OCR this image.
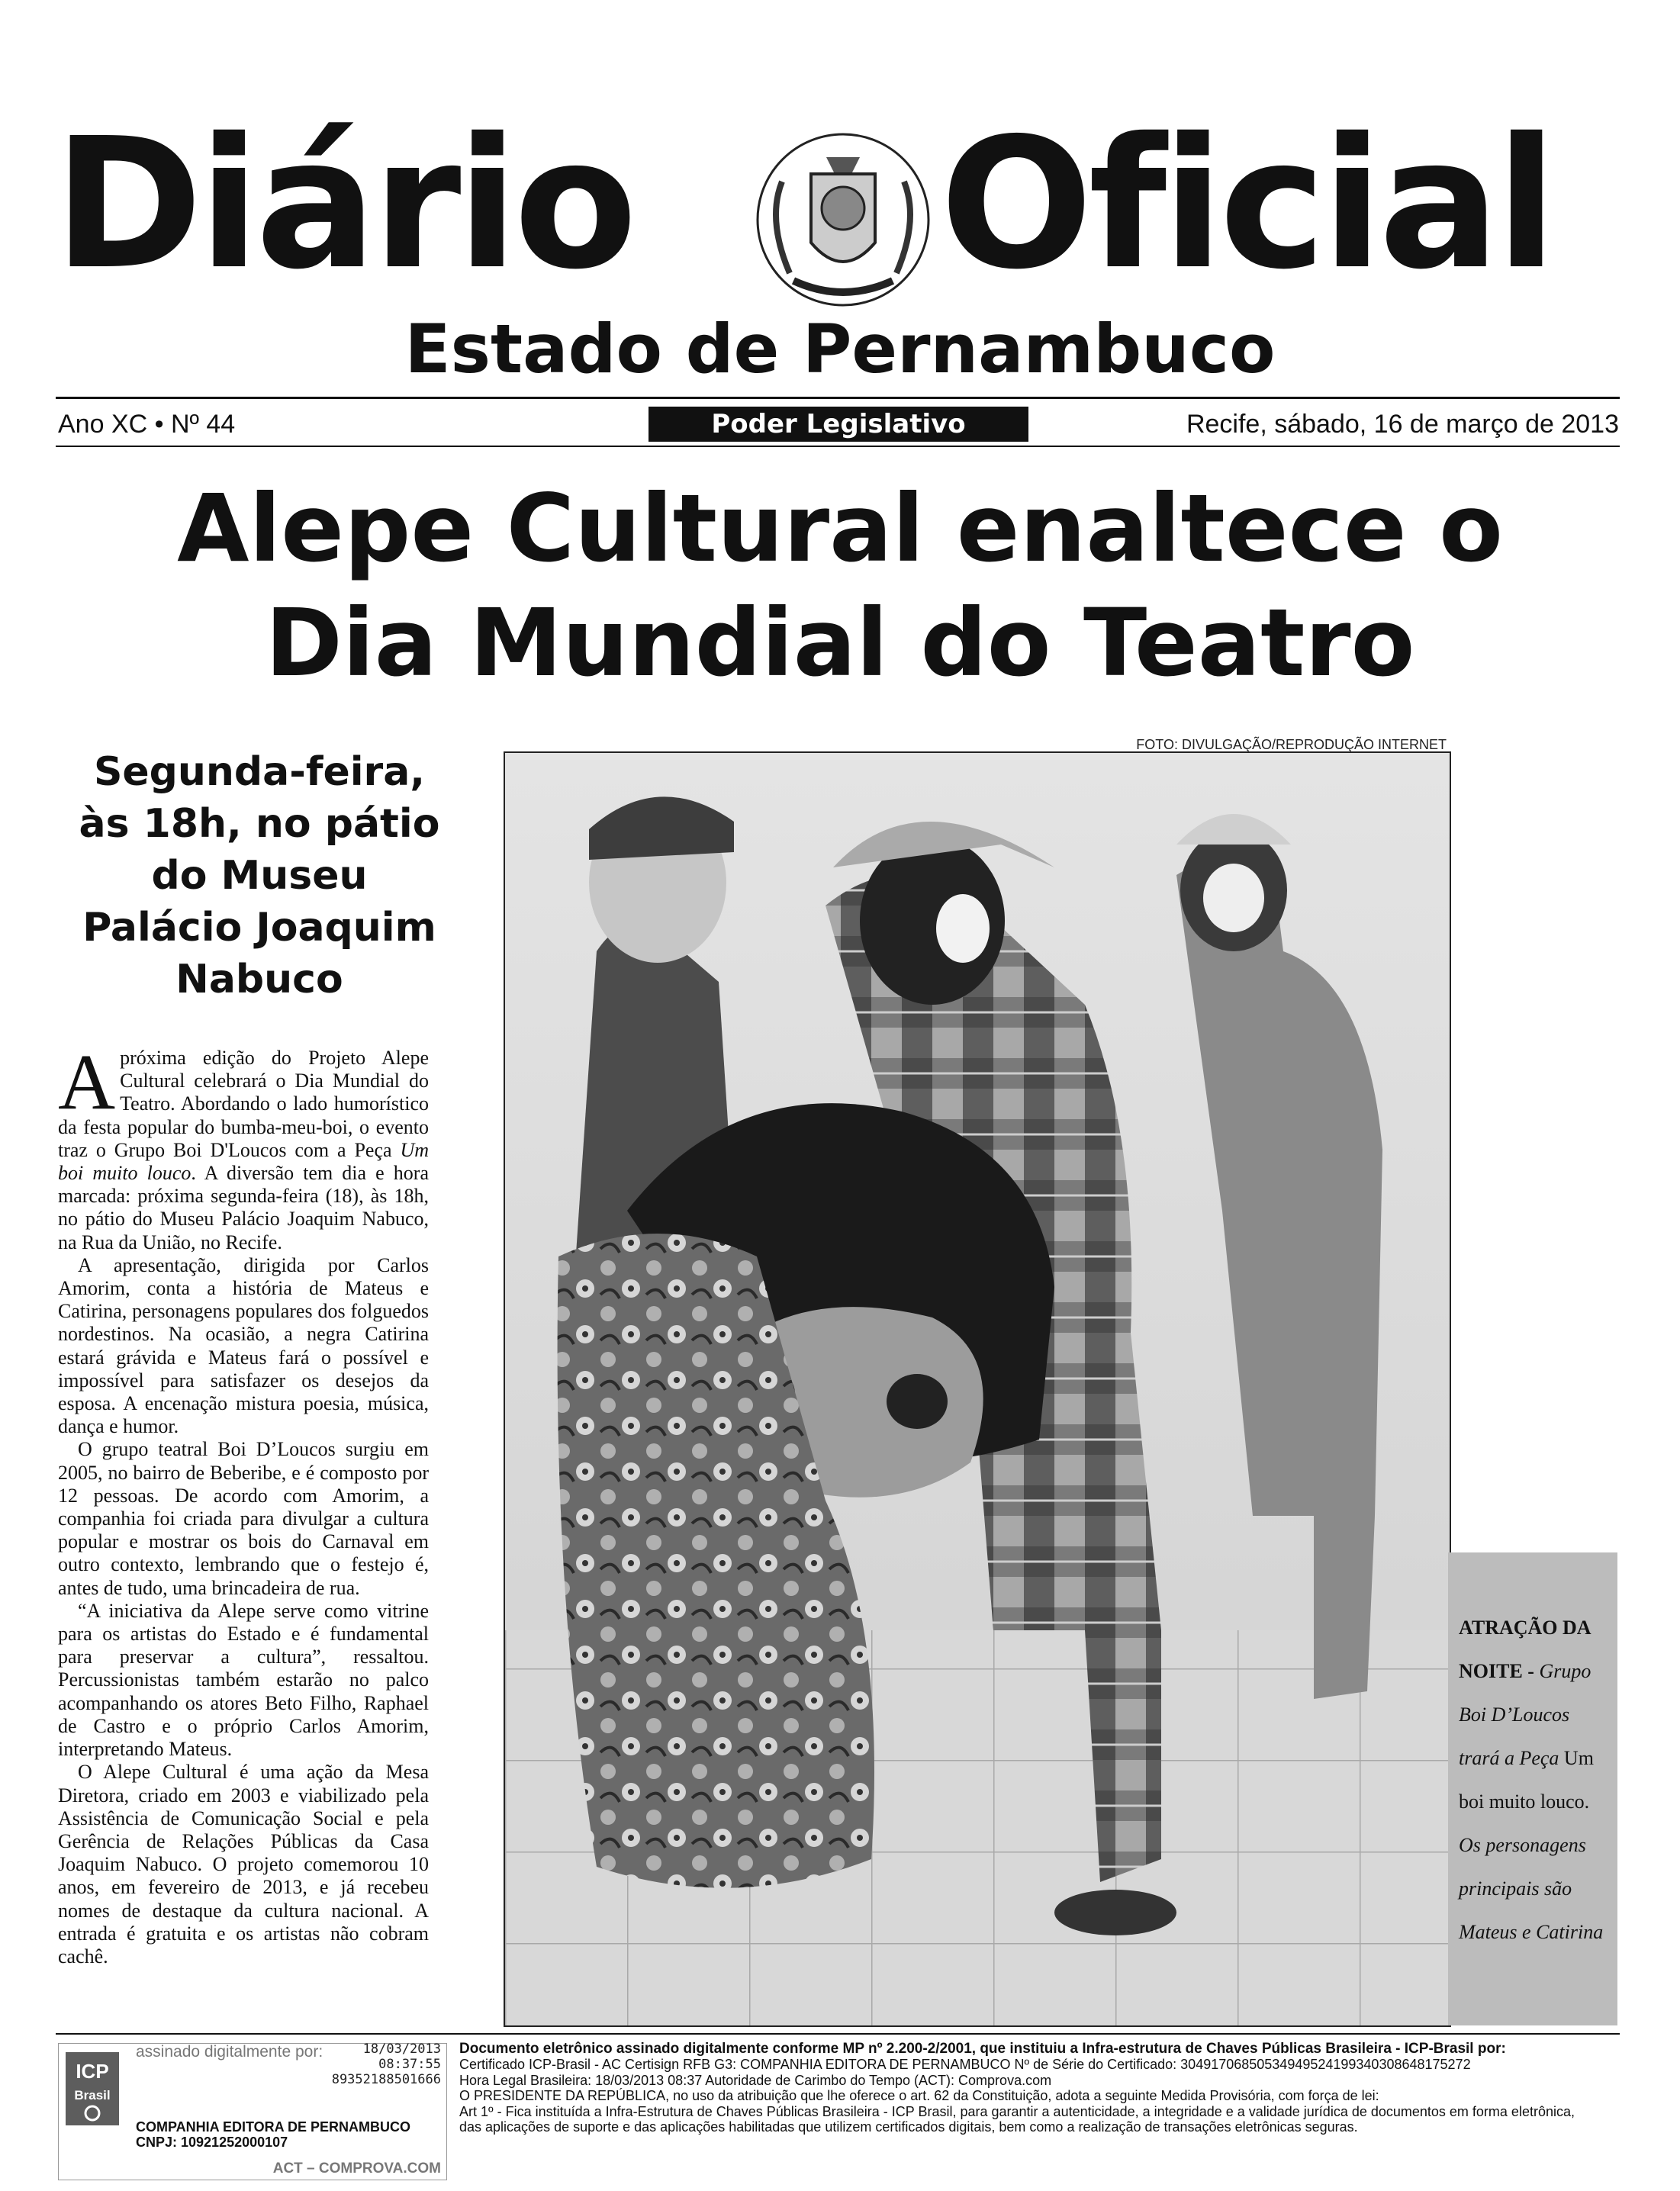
Diário Oficial
Estado de Pernambuco
Ano XC • Nº 44	Poder Legislativo	Recife, sábado, 16 de março de 2013
Alepe Cultural enaltece o
Dia Mundial do Teatro
Segunda-feira,
às 18h, no pátio
do Museu
Palácio Joaquim
Nabuco

A próxima edição do Projeto Alepe Cultural celebrará o Dia Mundial do Teatro. Abordando o lado humorístico da festa popular do bumba-meu-boi, o evento traz o Grupo Boi D'Loucos com a Peça Um boi muito louco. A diversão tem dia e hora marcada: próxima segunda-feira (18), às 18h, no pátio do Museu Palácio Joaquim Nabuco, na Rua da União, no Recife.

A apresentação, dirigida por Carlos Amorim, conta a história de Mateus e Catirina, personagens populares dos folguedos nordestinos. Na ocasião, a negra Catirina estará grávida e Mateus fará o possível e impossível para satisfazer os desejos da esposa. A encenação mistura poesia, música, dança e humor.

O grupo teatral Boi D’Loucos surgiu em 2005, no bairro de Beberibe, e é composto por 12 pessoas. De acordo com Amorim, a companhia foi criada para divulgar a cultura popular e mostrar os bois do Carnaval em outro contexto, lembrando que o festejo é, antes de tudo, uma brincadeira de rua.

“A iniciativa da Alepe serve como vitrine para os artistas do Estado e é fundamental para preservar a cultura”, ressaltou. Percussionistas também estarão no palco acompanhando os atores Beto Filho, Raphael de Castro e o próprio Carlos Amorim, interpretando Mateus.

O Alepe Cultural é uma ação da Mesa Diretora, criado em 2003 e viabilizado pela Assistência de Comunicação Social e pela Gerência de Relações Públicas da Casa Joaquim Nabuco. O projeto comemorou 10 anos, em fevereiro de 2013, e já recebeu nomes de destaque da cultura nacional. A entrada é gratuita e os artistas não cobram cachê.

FOTO: DIVULGAÇÃO/REPRODUÇÃO INTERNET
ATRAÇÃO DA NOITE - Grupo Boi D’Loucos trará a Peça Um boi muito louco. Os personagens principais são Mateus e Catirina
ICP
Brasil
assinado digitalmente por:	18/03/2013
08:37:55
89352188501666
COMPANHIA EDITORA DE PERNAMBUCO
CNPJ: 10921252000107
ACT – COMPROVA.COM
Documento eletrônico assinado digitalmente conforme MP nº 2.200-2/2001, que instituiu a Infra-estrutura de Chaves Públicas Brasileira - ICP-Brasil por:
Certificado ICP-Brasil - AC Certisign RFB G3: COMPANHIA EDITORA DE PERNAMBUCO Nº de Série do Certificado: 30491706850534949524199340308648175272
Hora Legal Brasileira: 18/03/2013 08:37 Autoridade de Carimbo do Tempo (ACT): Comprova.com
O PRESIDENTE DA REPÚBLICA, no uso da atribuição que lhe oferece o art. 62 da Constituição, adota a seguinte Medida Provisória, com força de lei:
Art 1º - Fica instituída a Infra-Estrutura de Chaves Públicas Brasileira - ICP Brasil, para garantir a autenticidade, a integridade e a validade jurídica de documentos em forma eletrônica,
das aplicações de suporte e das aplicações habilitadas que utilizem certificados digitais, bem como a realização de transações eletrônicas seguras.
